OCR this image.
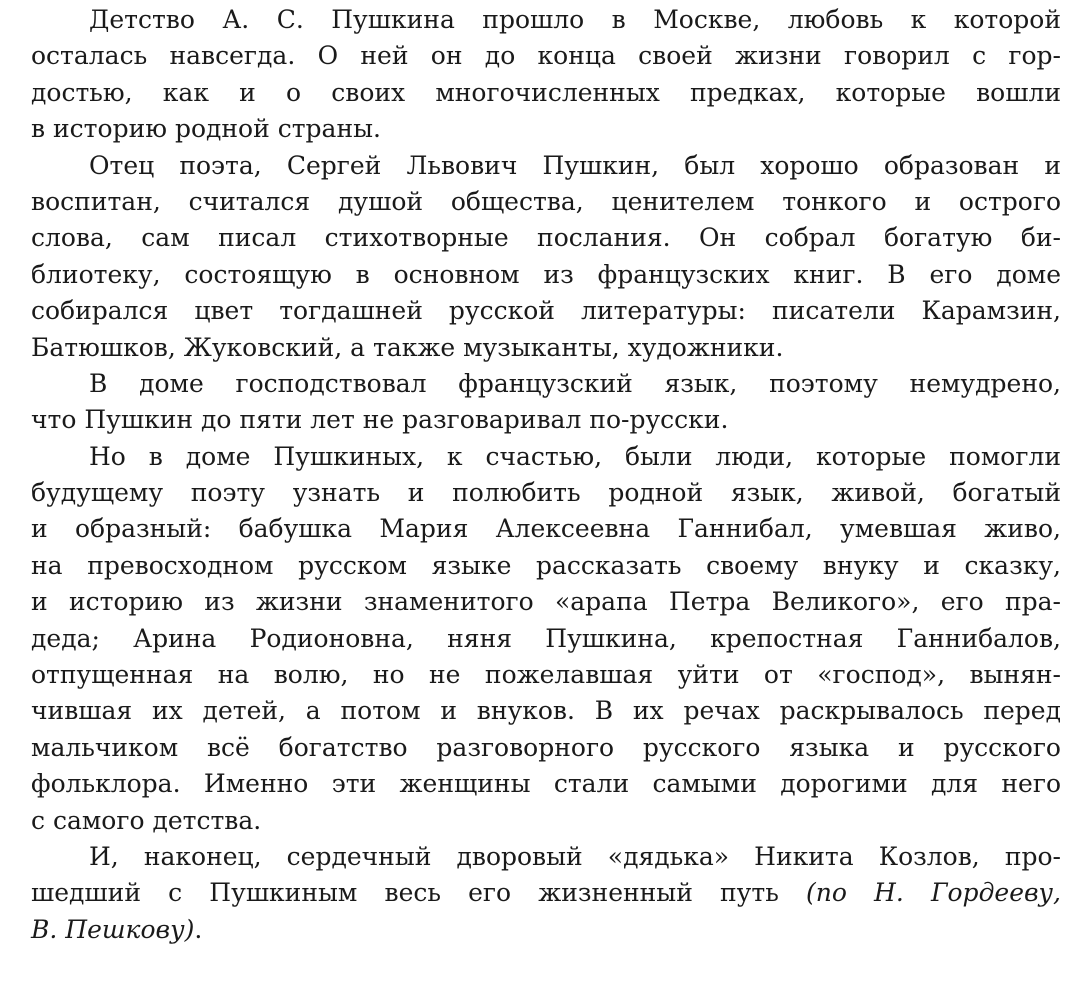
Детство А. С. Пушкина прошло в Москве, любовь к которой
осталась навсегда. О ней он до конца своей жизни говорил с гор-
достью, как и о своих многочисленных предках, которые вошли
в историю родной страны.
Отец поэта, Сергей Львович Пушкин, был хорошо образован и
воспитан, считался душой общества, ценителем тонкого и острого
слова, сам писал стихотворные послания. Он собрал богатую би-
блиотеку, состоящую в основном из французских книг. В его доме
собирался цвет тогдашней русской литературы: писатели Карамзин,
Батюшков, Жуковский, а также музыканты, художники.
В доме господствовал французский язык, поэтому немудрено,
что Пушкин до пяти лет не разговаривал по-русски.
Но в доме Пушкиных, к счастью, были люди, которые помогли
будущему поэту узнать и полюбить родной язык, живой, богатый
и образный: бабушка Мария Алексеевна Ганнибал, умевшая живо,
на превосходном русском языке рассказать своему внуку и сказку,
и историю из жизни знаменитого «арапа Петра Великого», его пра-
деда; Арина Родионовна, няня Пушкина, крепостная Ганнибалов,
отпущенная на волю, но не пожелавшая уйти от «господ», вынян-
чившая их детей, а потом и внуков. В их речах раскрывалось перед
мальчиком всё богатство разговорного русского языка и русского
фольклора. Именно эти женщины стали самыми дорогими для него
с самого детства.
И, наконец, сердечный дворовый «дядька» Никита Козлов, про-
шедший с Пушкиным весь его жизненный путь (по Н. Гордееву,
В. Пешкову).
